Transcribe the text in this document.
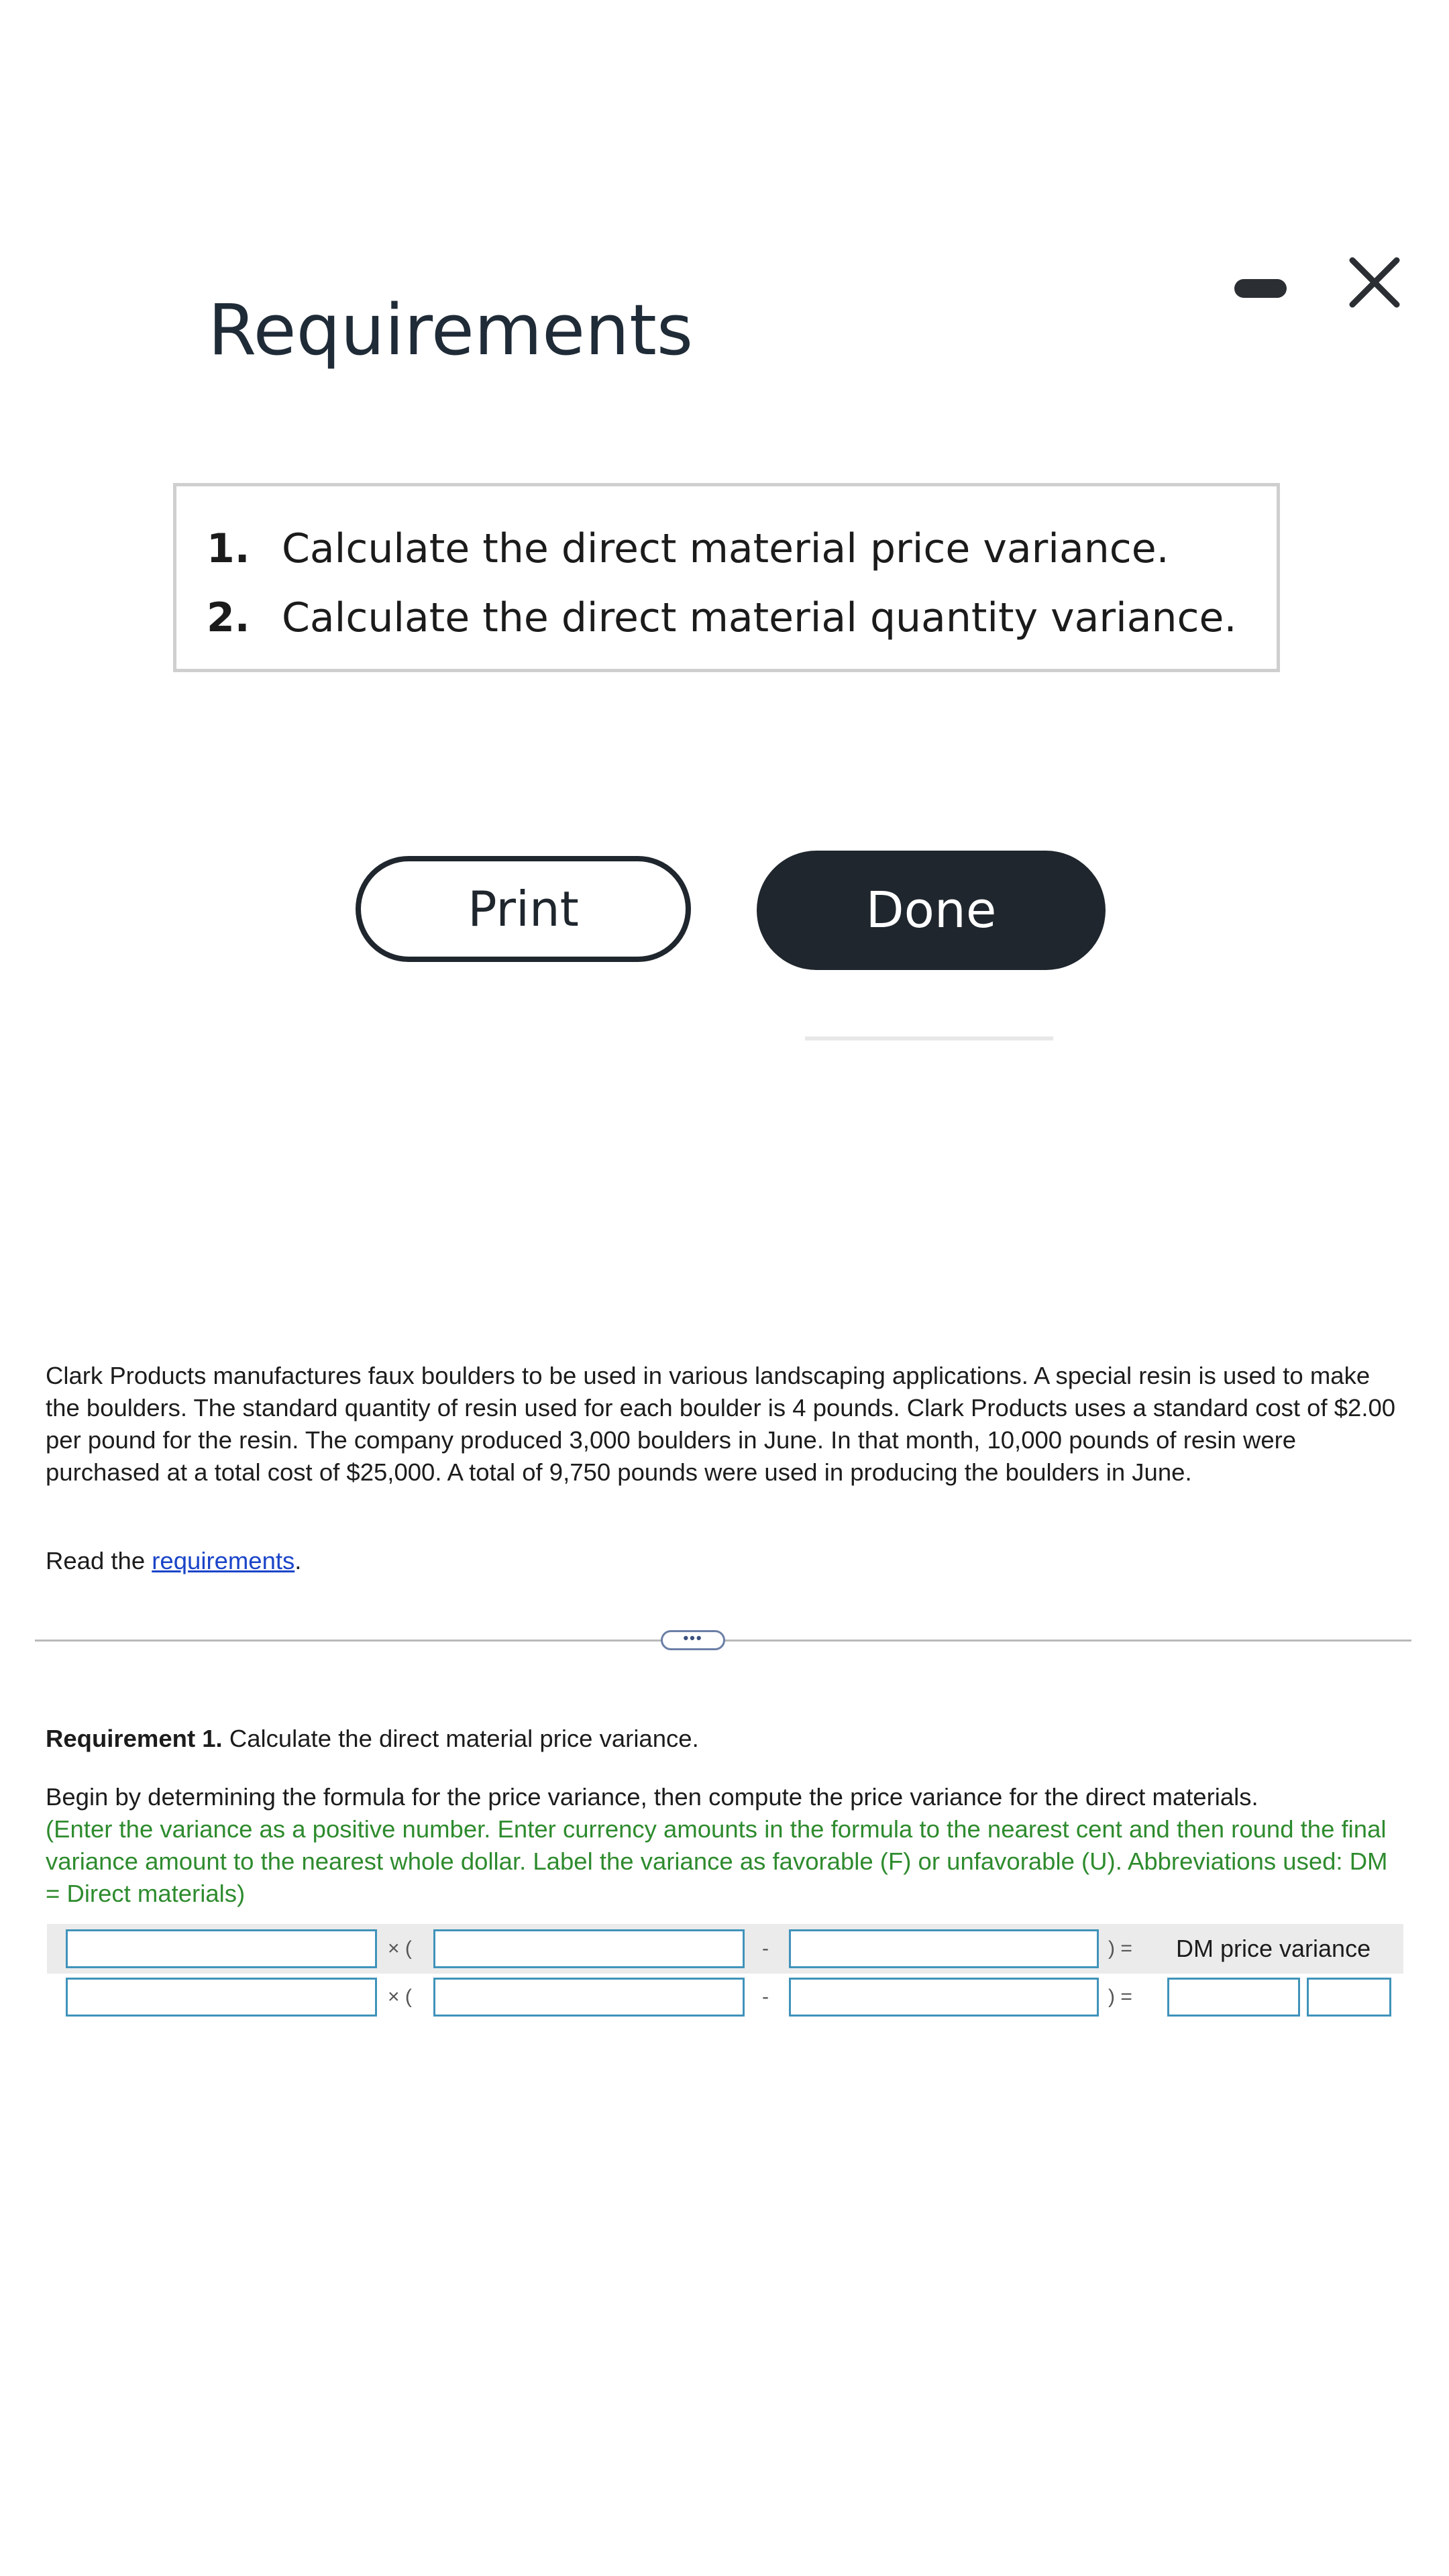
Requirements
1. Calculate the direct material price variance.
2. Calculate the direct material quantity variance.
Print	Done

Clark Products manufactures faux boulders to be used in various landscaping applications. A special resin is used to make the boulders. The standard quantity of resin used for each boulder is 4 pounds. Clark Products uses a standard cost of $2.00 per pound for the resin. The company produced 3,000 boulders in June. In that month, 10,000 pounds of resin were purchased at a total cost of $25,000. A total of 9,750 pounds were used in producing the boulders in June.

Read the requirements.

•••

Requirement 1. Calculate the direct material price variance.

Begin by determining the formula for the price variance, then compute the price variance for the direct materials.
(Enter the variance as a positive number. Enter currency amounts in the formula to the nearest cent and then round the final variance amount to the nearest whole dollar. Label the variance as favorable (F) or unfavorable (U). Abbreviations used: DM = Direct materials)

× (	-	) = DM price variance
× (	-	) =
